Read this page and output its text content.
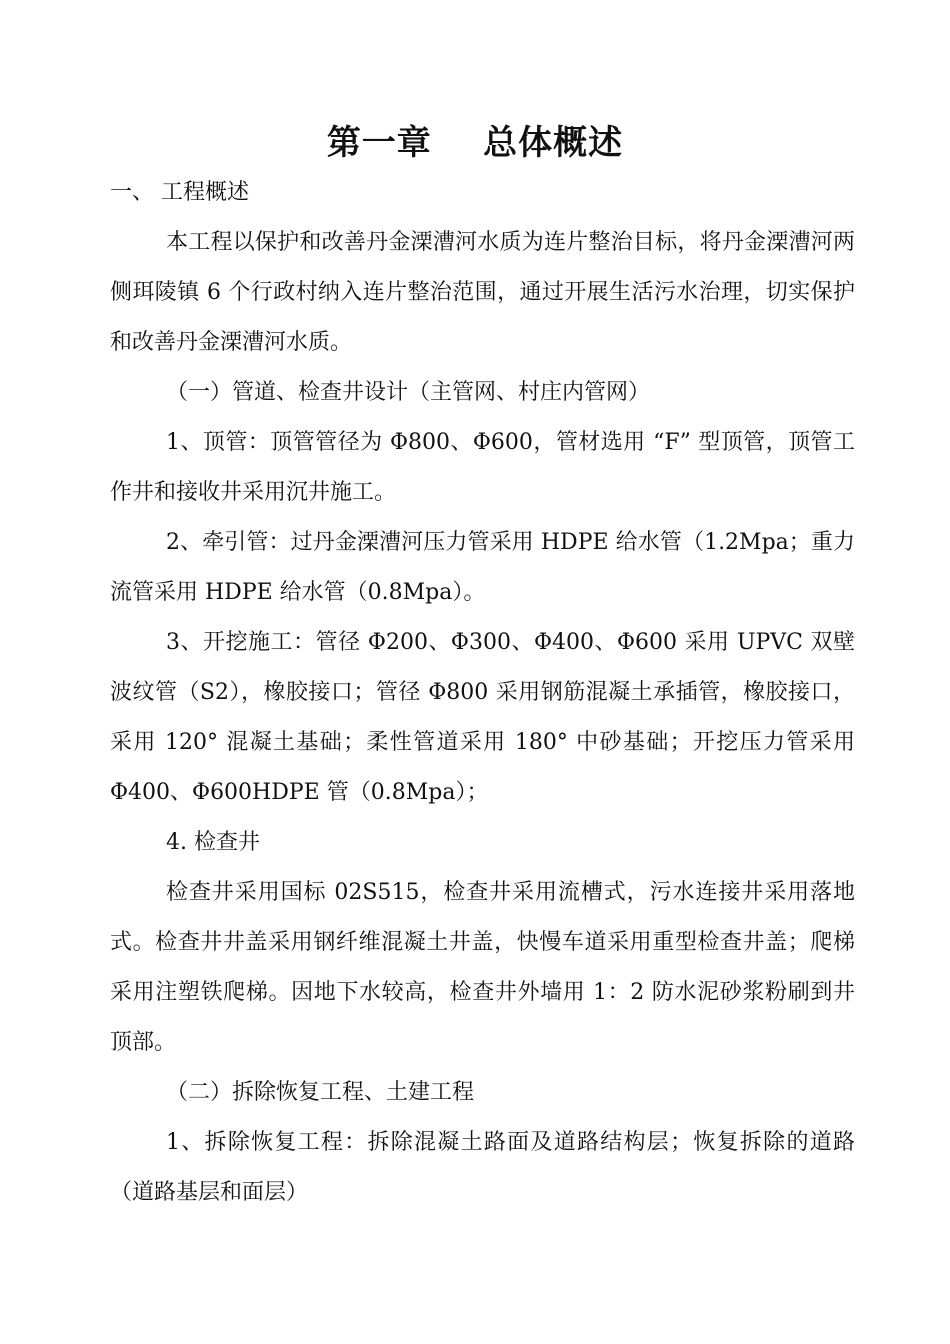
第一章    总体概述
一、 工程概述

本工程以保护和改善丹金溧漕河水质为连片整治目标，将丹金溧漕河两侧珥陵镇 6 个行政村纳入连片整治范围，通过开展生活污水治理，切实保护和改善丹金溧漕河水质。

（一）管道、检查井设计（主管网、村庄内管网）

1、顶管：顶管管径为 Φ800、Φ600，管材选用 “F” 型顶管，顶管工作井和接收井采用沉井施工。

2、牵引管：过丹金溧漕河压力管采用 HDPE 给水管（1.2Mpa；重力流管采用 HDPE 给水管（0.8Mpa）。

3、开挖施工：管径 Φ200、Φ300、Φ400、Φ600 采用 UPVC 双壁波纹管（S2），橡胶接口；管径 Φ800 采用钢筋混凝土承插管，橡胶接口，采用 120° 混凝土基础；柔性管道采用 180° 中砂基础；开挖压力管采用 Φ400、Φ600HDPE 管（0.8Mpa）；

4. 检查井

检查井采用国标 02S515，检查井采用流槽式，污水连接井采用落地式。检查井井盖采用钢纤维混凝土井盖，快慢车道采用重型检查井盖；爬梯采用注塑铁爬梯。因地下水较高，检查井外墙用 1：2 防水泥砂浆粉刷到井顶部。

（二）拆除恢复工程、土建工程

1、拆除恢复工程：拆除混凝土路面及道路结构层；恢复拆除的道路（道路基层和面层）
